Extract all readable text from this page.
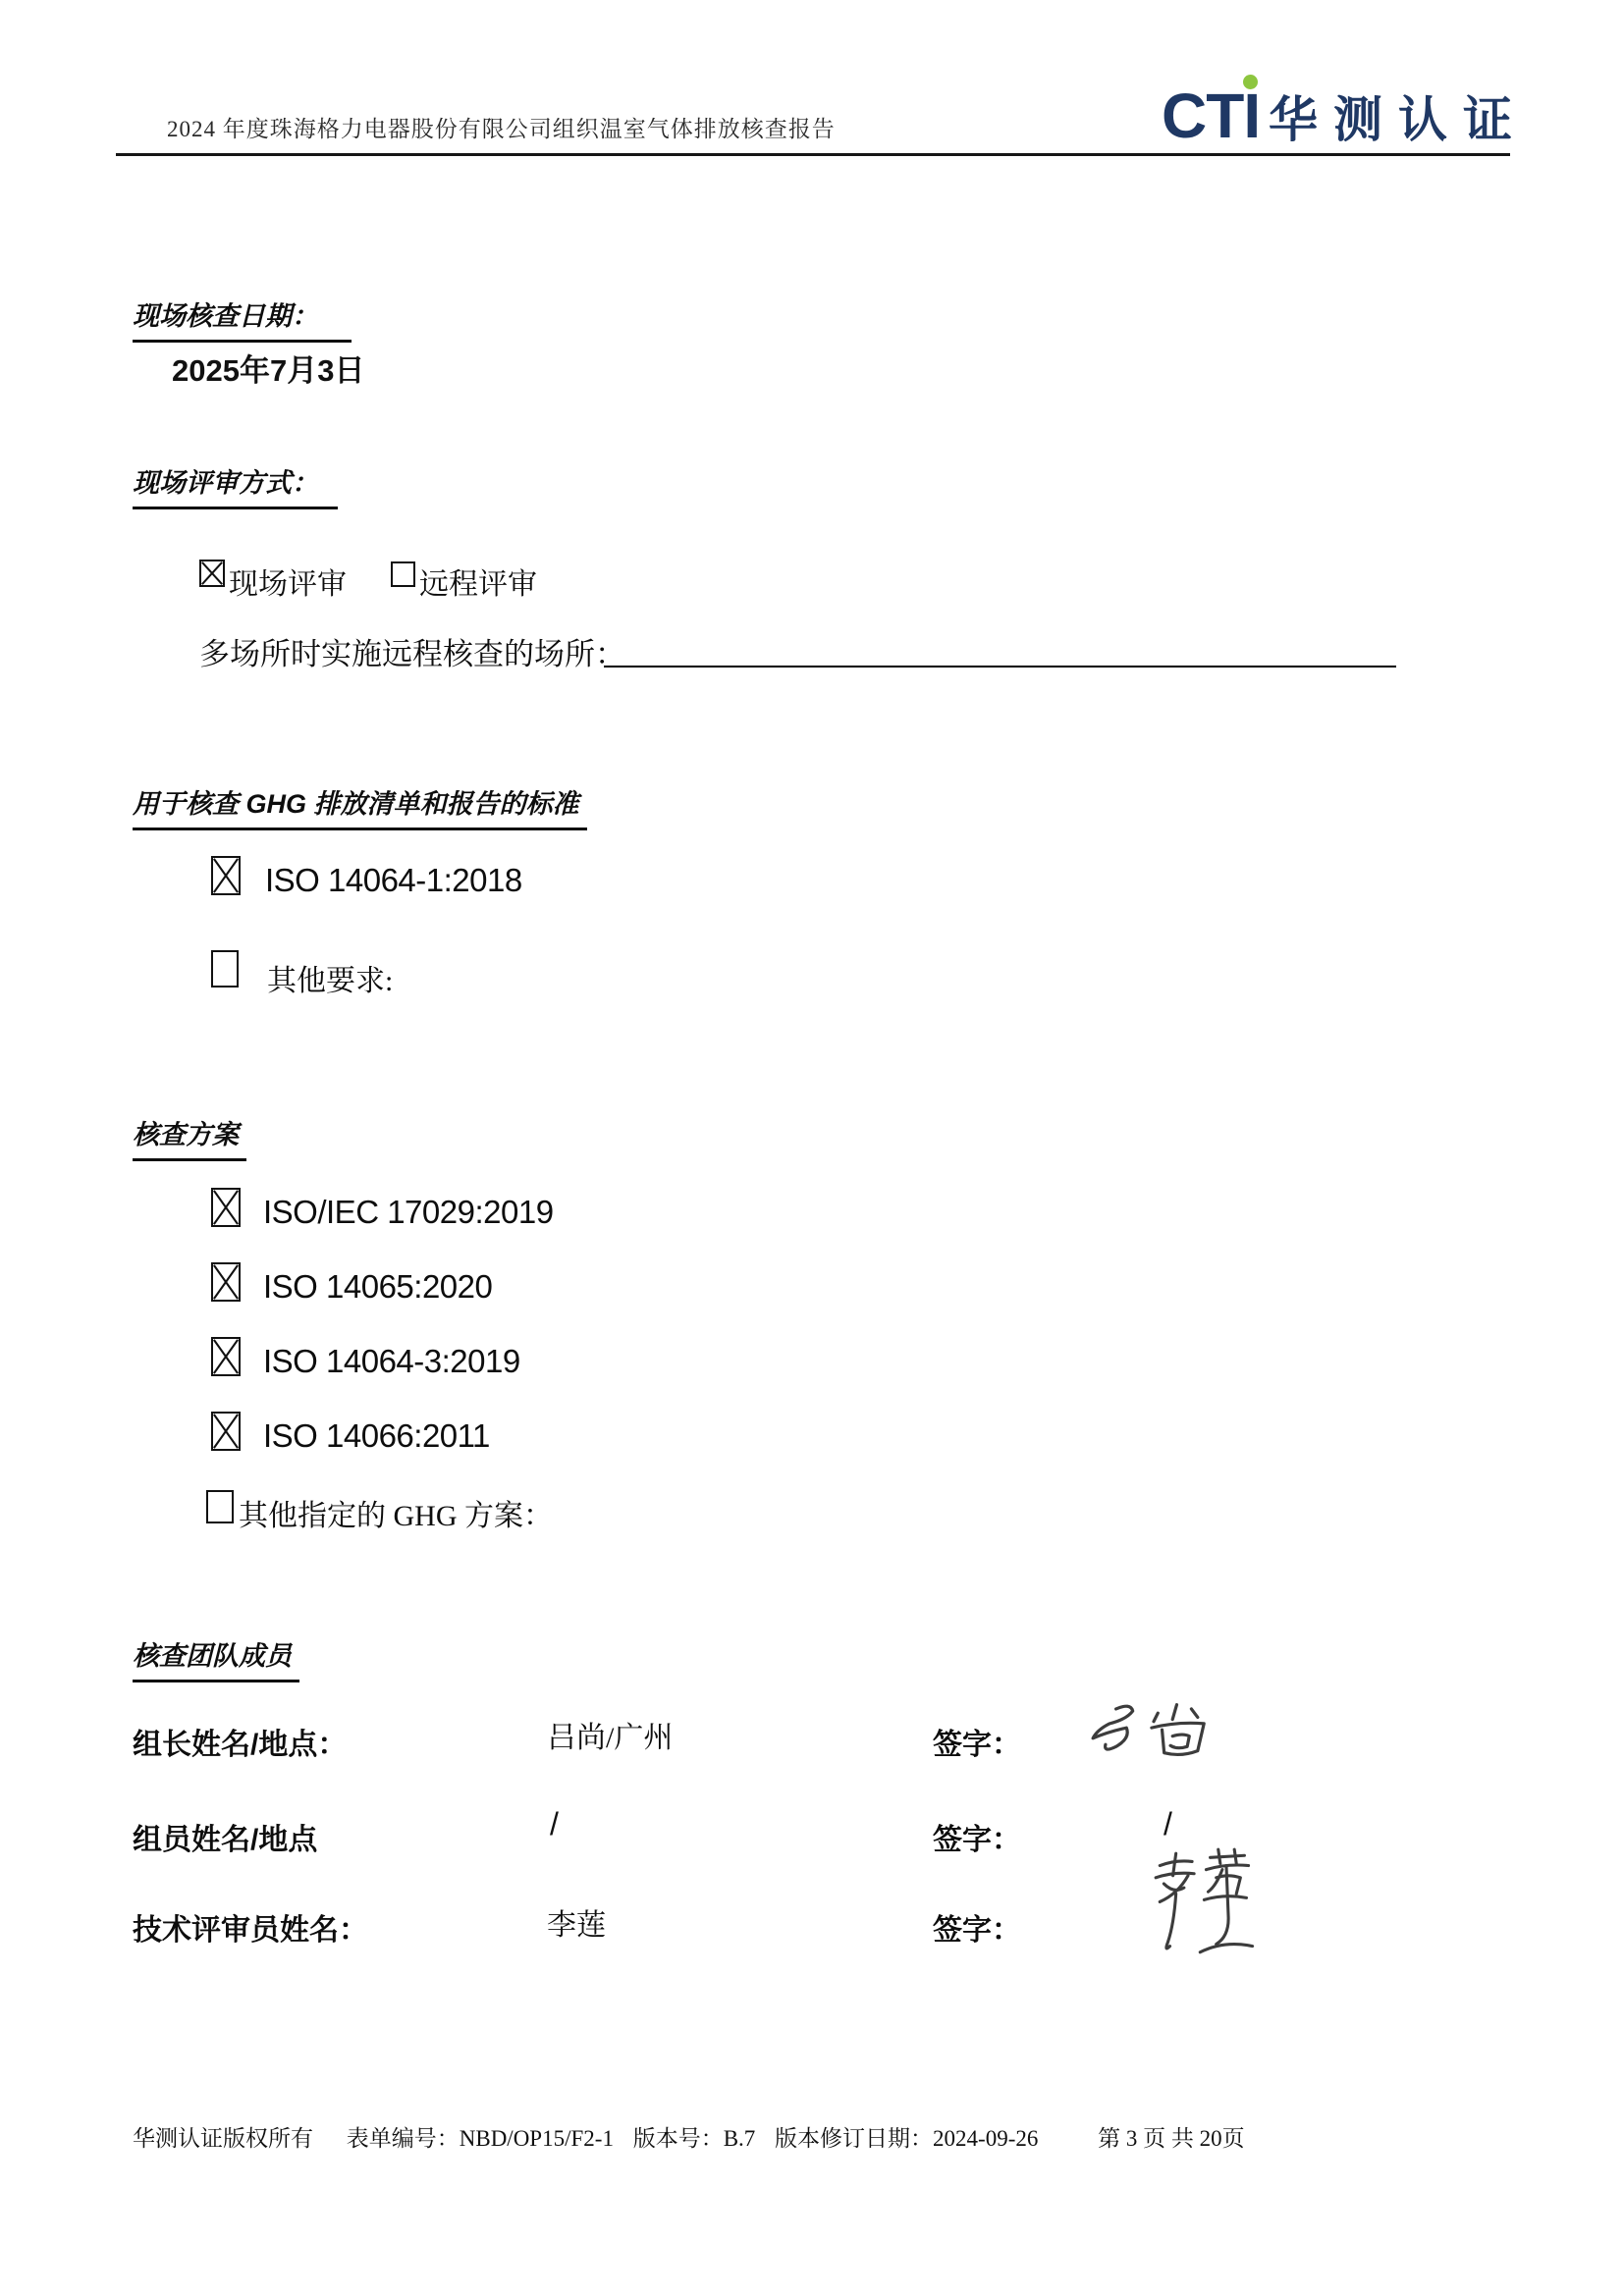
2024 年度珠海格力电器股份有限公司组织温室气体排放核查报告	CTI 华测认证
现场核查日期：
2025年7月3日
现场评审方式：
现场评审 远程评审
多场所时实施远程核查的场所：
用于核查 GHG 排放清单和报告的标准
ISO 14064-1:2018
其他要求:
核查方案
ISO/IEC 17029:2019
ISO 14065:2020
ISO 14064-3:2019
ISO 14066:2011
其他指定的 GHG 方案：
核查团队成员
组长姓名/地点：	吕尚/广州	签字：
组员姓名/地点	/	签字：	/
技术评审员姓名：	李莲	签字：
华测认证版权所有 表单编号：NBD/OP15/F2-1 版本号：B.7 版本修订日期：2024-09-26	第 3 页 共 20页
